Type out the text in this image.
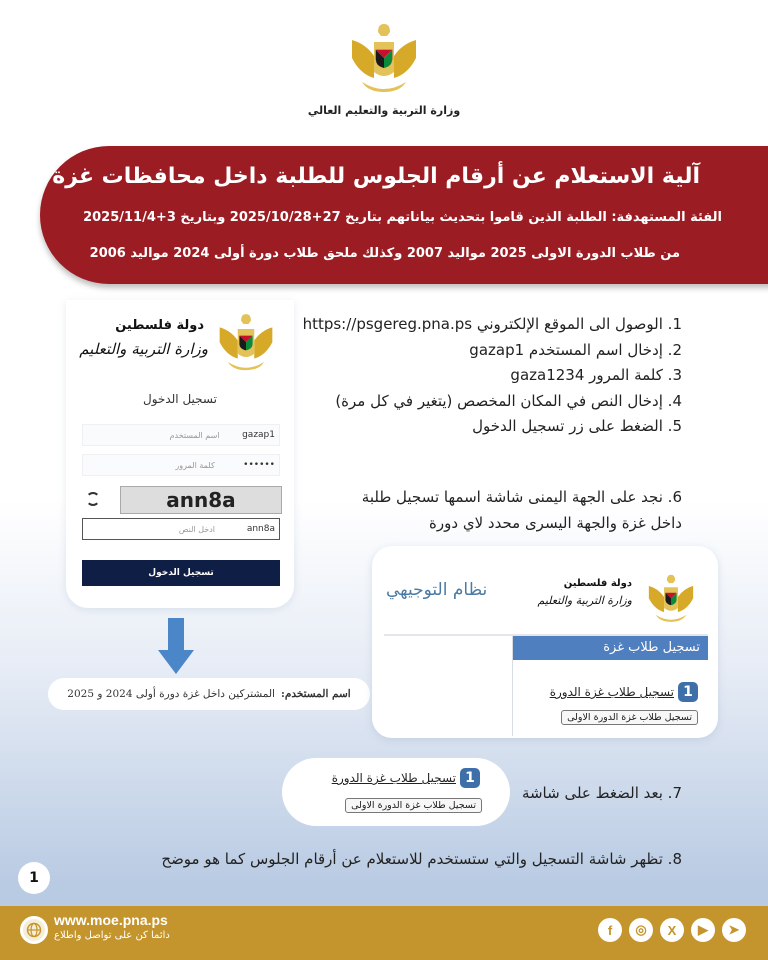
وزارة التربية والتعليم العالي
آلية الاستعلام عن أرقام الجلوس للطلبة داخل محافظات غزة
الفئة المستهدفة: الطلبة الذين قاموا بتحديث بياناتهم بتاريخ 27+2025/10/28 وبتاريخ 3+2025/11/4
من طلاب الدورة الاولى 2025 مواليد 2007 وكذلك ملحق طلاب دورة أولى 2024 مواليد 2006
1. الوصول الى الموقع الإلكتروني https://psgereg.pna.ps
2. إدخال اسم المستخدم gazap1
3. كلمة المرور gaza1234
4. إدخال النص في المكان المخصص (يتغير في كل مرة)
5. الضغط على زر تسجيل الدخول
6. نجد على الجهة اليمنى شاشة اسمها تسجيل طلبة
داخل غزة والجهة اليسرى محدد لاي دورة
دولة فلسطين
وزارة التربية والتعليم
تسجيل الدخول
gazap1
اسم المستخدم
••••••
كلمة المرور
ann8a
ann8a
ادخل النص
تسجيل الدخول
اسم المستخدم:
المشتركين داخل غزة دورة أولى 2024 و 2025
دولة فلسطين
وزارة التربية والتعليم
نظام التوجيهي
تسجيل طلاب غزة
1
تسجيل طلاب غزة الدورة
تسجيل طلاب غزة الدورة الاولى
1
تسجيل طلاب غزة الدورة
تسجيل طلاب غزة الدورة الاولى
7. بعد الضغط على شاشة
8. تظهر شاشة التسجيل والتي ستستخدم للاستعلام عن أرقام الجلوس كما هو موضح
1
www.moe.pna.ps
دائما كن على تواصل واطلاع	f	◎	X	▶	➤
